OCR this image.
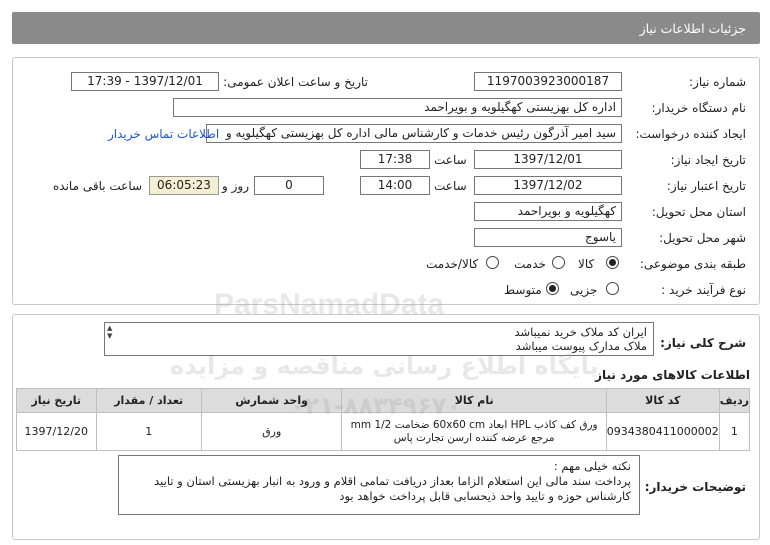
جزئیات اطلاعات نیاز
شماره نیاز:
1197003923000187
تاریخ و ساعت اعلان عمومی:
1397/12/01 - 17:39
نام دستگاه خریدار:
اداره کل بهزیستی کهگیلویه و بویراحمد
ایجاد کننده درخواست:
سید امیر آذرگون رئیس خدمات و کارشناس مالی اداره کل بهزیستی کهگیلویه و
اطلاعات تماس خریدار
تاریخ ایجاد نیاز:
1397/12/01
ساعت
17:38
تاریخ اعتبار نیاز:
1397/12/02
ساعت
14:00
0
روز و
06:05:23
ساعت باقی مانده
استان محل تحویل:
کهگیلویه و بویراحمد
شهر محل تحویل:
یاسوج
طبقه بندی موضوعی:
کالا
خدمت
کالا/خدمت
نوع فرآیند خرید :
جزیی
متوسط
شرح کلی نیاز:
▲
▼	ایران کد ملاک خرید نمیباشد
ملاک مدارک پیوست میباشد
اطلاعات کالاهای مورد نیاز
ردیف	کد کالا	نام کالا	واحد شمارش	تعداد / مقدار	تاریخ نیاز
1	0934380411000002	ورق کف کاذب HPL ابعاد 60x60 cm ضخامت 1/2 mm مرجع عرضه کننده ارسن تجارت پاس	ورق	1	1397/12/20
توضیحات خریدار:
نکته خیلی مهم :
پرداخت سند مالی این استعلام الزاما بعداز دریافت تمامی اقلام و ورود به انبار بهزیستی استان و تایید
کارشناس حوزه و تایید واحد ذیحسابی قابل پرداخت خواهد بود
ParsNamadData
پایگاه اطلاع رسانی مناقصه و مزایده
۰۲۱-۸۸۳۴۹۶۷۰
